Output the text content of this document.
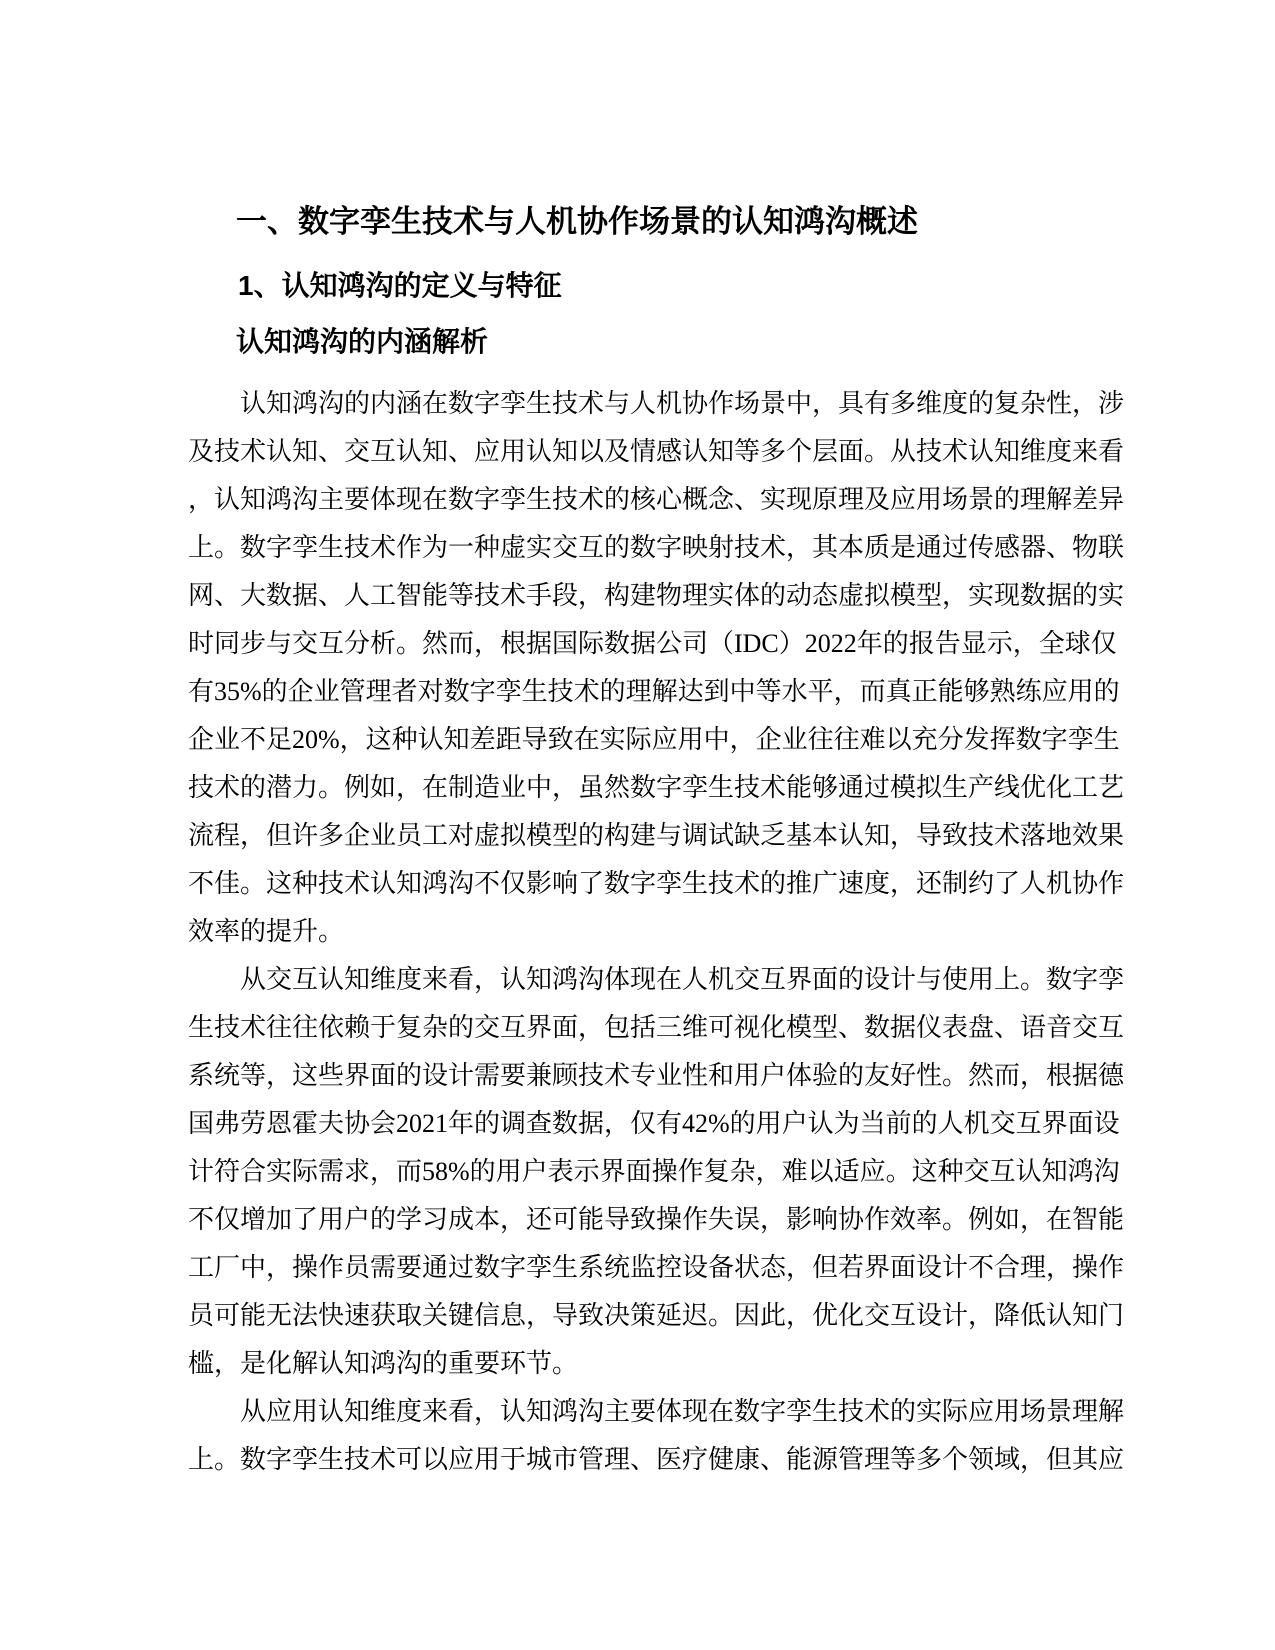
一、数字孪生技术与人机协作场景的认知鸿沟概述
1、认知鸿沟的定义与特征
认知鸿沟的内涵解析
认知鸿沟的内涵在数字孪生技术与人机协作场景中，具有多维度的复杂性，涉
及技术认知、交互认知、应用认知以及情感认知等多个层面。从技术认知维度来看
，认知鸿沟主要体现在数字孪生技术的核心概念、实现原理及应用场景的理解差异
上。数字孪生技术作为一种虚实交互的数字映射技术，其本质是通过传感器、物联
网、大数据、人工智能等技术手段，构建物理实体的动态虚拟模型，实现数据的实
时同步与交互分析。然而，根据国际数据公司（IDC）2022年的报告显示，全球仅
有35%的企业管理者对数字孪生技术的理解达到中等水平，而真正能够熟练应用的
企业不足20%，这种认知差距导致在实际应用中，企业往往难以充分发挥数字孪生
技术的潜力。例如，在制造业中，虽然数字孪生技术能够通过模拟生产线优化工艺
流程，但许多企业员工对虚拟模型的构建与调试缺乏基本认知，导致技术落地效果
不佳。这种技术认知鸿沟不仅影响了数字孪生技术的推广速度，还制约了人机协作
效率的提升。
从交互认知维度来看，认知鸿沟体现在人机交互界面的设计与使用上。数字孪
生技术往往依赖于复杂的交互界面，包括三维可视化模型、数据仪表盘、语音交互
系统等，这些界面的设计需要兼顾技术专业性和用户体验的友好性。然而，根据德
国弗劳恩霍夫协会2021年的调查数据，仅有42%的用户认为当前的人机交互界面设
计符合实际需求，而58%的用户表示界面操作复杂，难以适应。这种交互认知鸿沟
不仅增加了用户的学习成本，还可能导致操作失误，影响协作效率。例如，在智能
工厂中，操作员需要通过数字孪生系统监控设备状态，但若界面设计不合理，操作
员可能无法快速获取关键信息，导致决策延迟。因此，优化交互设计，降低认知门
槛，是化解认知鸿沟的重要环节。
从应用认知维度来看，认知鸿沟主要体现在数字孪生技术的实际应用场景理解
上。数字孪生技术可以应用于城市管理、医疗健康、能源管理等多个领域，但其应
